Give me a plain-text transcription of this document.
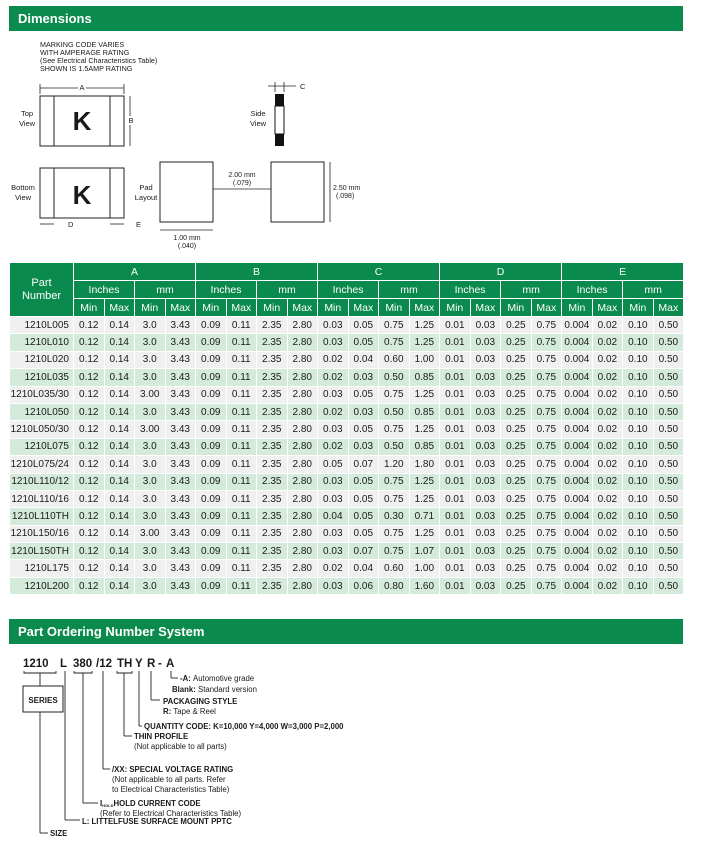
Dimensions
MARKING CODE VARIES
WITH AMPERAGE RATING
(See Electrical Characteristics Table)
SHOWN IS 1.5AMP RATING
Top
View K
A
B
Side
View
C
Bottom
View K
D	E
Pad
Layout
2.00 mm
(.079)
2.50 mm
(.098)
1.00 mm
(.040)
Part
Number	A				B				C				D				E			
	Inches		mm		Inches		mm		Inches		mm		Inches		mm		Inches		mm	
	Min	Max	Min	Max	Min	Max	Min	Max	Min	Max	Min	Max	Min	Max	Min	Max	Min	Max	Min	Max
1210L005	0.12	0.14	3.0	3.43	0.09	0.11	2.35	2.80	0.03	0.05	0.75	1.25	0.01	0.03	0.25	0.75	0.004	0.02	0.10	0.50
1210L010	0.12	0.14	3.0	3.43	0.09	0.11	2.35	2.80	0.03	0.05	0.75	1.25	0.01	0.03	0.25	0.75	0.004	0.02	0.10	0.50
1210L020	0.12	0.14	3.0	3.43	0.09	0.11	2.35	2.80	0.02	0.04	0.60	1.00	0.01	0.03	0.25	0.75	0.004	0.02	0.10	0.50
1210L035	0.12	0.14	3.0	3.43	0.09	0.11	2.35	2.80	0.02	0.03	0.50	0.85	0.01	0.03	0.25	0.75	0.004	0.02	0.10	0.50
1210L035/30	0.12	0.14	3.00	3.43	0.09	0.11	2.35	2.80	0.03	0.05	0.75	1.25	0.01	0.03	0.25	0.75	0.004	0.02	0.10	0.50
1210L050	0.12	0.14	3.0	3.43	0.09	0.11	2.35	2.80	0.02	0.03	0.50	0.85	0.01	0.03	0.25	0.75	0.004	0.02	0.10	0.50
1210L050/30	0.12	0.14	3.00	3.43	0.09	0.11	2.35	2.80	0.03	0.05	0.75	1.25	0.01	0.03	0.25	0.75	0.004	0.02	0.10	0.50
1210L075	0.12	0.14	3.0	3.43	0.09	0.11	2.35	2.80	0.02	0.03	0.50	0.85	0.01	0.03	0.25	0.75	0.004	0.02	0.10	0.50
1210L075/24	0.12	0.14	3.0	3.43	0.09	0.11	2.35	2.80	0.05	0.07	1.20	1.80	0.01	0.03	0.25	0.75	0.004	0.02	0.10	0.50
1210L110/12	0.12	0.14	3.0	3.43	0.09	0.11	2.35	2.80	0.03	0.05	0.75	1.25	0.01	0.03	0.25	0.75	0.004	0.02	0.10	0.50
1210L110/16	0.12	0.14	3.0	3.43	0.09	0.11	2.35	2.80	0.03	0.05	0.75	1.25	0.01	0.03	0.25	0.75	0.004	0.02	0.10	0.50
1210L110TH	0.12	0.14	3.0	3.43	0.09	0.11	2.35	2.80	0.04	0.05	0.30	0.71	0.01	0.03	0.25	0.75	0.004	0.02	0.10	0.50
1210L150/16	0.12	0.14	3.00	3.43	0.09	0.11	2.35	2.80	0.03	0.05	0.75	1.25	0.01	0.03	0.25	0.75	0.004	0.02	0.10	0.50
1210L150TH	0.12	0.14	3.0	3.43	0.09	0.11	2.35	2.80	0.03	0.07	0.75	1.07	0.01	0.03	0.25	0.75	0.004	0.02	0.10	0.50
1210L175	0.12	0.14	3.0	3.43	0.09	0.11	2.35	2.80	0.02	0.04	0.60	1.00	0.01	0.03	0.25	0.75	0.004	0.02	0.10	0.50
1210L200	0.12	0.14	3.0	3.43	0.09	0.11	2.35	2.80	0.03	0.06	0.80	1.60	0.01	0.03	0.25	0.75	0.004	0.02	0.10	0.50
Part Ordering Number System
1210 L 380 /12 TH Y R - A
SERIES
-A: Automotive grade
Blank: Standard version
PACKAGING STYLE
R: Tape & Reel
QUANTITY CODE: K=10,000 Y=4,000 W=3,000 P=2,000
THIN PROFILE
(Not applicable to all parts)
/XX: SPECIAL VOLTAGE RATING
(Not applicable to all parts. Refer
to Electrical Characteristics Table)
IHOLDHOLD CURRENT CODE
(Refer to Electrical Characteristics Table)
L: LITTELFUSE SURFACE MOUNT PPTC
SIZE
